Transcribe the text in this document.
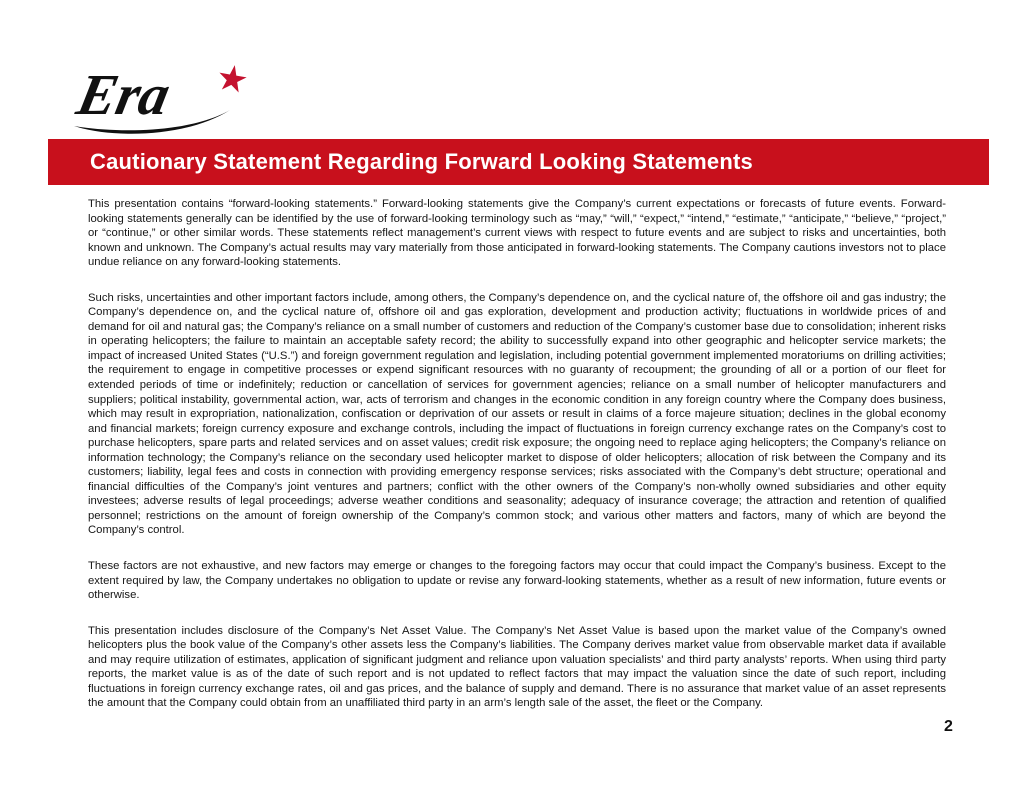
Era ★
Cautionary Statement Regarding Forward Looking Statements

This presentation contains “forward-looking statements.” Forward-looking statements give the Company’s current expectations or forecasts of future events. Forward-looking statements generally can be identified by the use of forward-looking terminology such as “may,” “will,” “expect,” “intend,” “estimate,” “anticipate,” “believe,” “project,” or “continue,” or other similar words. These statements reflect management’s current views with respect to future events and are subject to risks and uncertainties, both known and unknown. The Company’s actual results may vary materially from those anticipated in forward-looking statements. The Company cautions investors not to place undue reliance on any forward-looking statements.

Such risks, uncertainties and other important factors include, among others, the Company’s dependence on, and the cyclical nature of, the offshore oil and gas industry; the Company’s dependence on, and the cyclical nature of, offshore oil and gas exploration, development and production activity; fluctuations in worldwide prices of and demand for oil and natural gas; the Company’s reliance on a small number of customers and reduction of the Company’s customer base due to consolidation; inherent risks in operating helicopters; the failure to maintain an acceptable safety record; the ability to successfully expand into other geographic and helicopter service markets; the impact of increased United States (“U.S.”) and foreign government regulation and legislation, including potential government implemented moratoriums on drilling activities; the requirement to engage in competitive processes or expend significant resources with no guaranty of recoupment; the grounding of all or a portion of our fleet for extended periods of time or indefinitely; reduction or cancellation of services for government agencies; reliance on a small number of helicopter manufacturers and suppliers; political instability, governmental action, war, acts of terrorism and changes in the economic condition in any foreign country where the Company does business, which may result in expropriation, nationalization, confiscation or deprivation of our assets or result in claims of a force majeure situation; declines in the global economy and financial markets; foreign currency exposure and exchange controls, including the impact of fluctuations in foreign currency exchange rates on the Company’s cost to purchase helicopters, spare parts and related services and on asset values; credit risk exposure; the ongoing need to replace aging helicopters; the Company’s reliance on information technology; the Company’s reliance on the secondary used helicopter market to dispose of older helicopters; allocation of risk between the Company and its customers; liability, legal fees and costs in connection with providing emergency response services; risks associated with the Company’s debt structure; operational and financial difficulties of the Company’s joint ventures and partners; conflict with the other owners of the Company’s non-wholly owned subsidiaries and other equity investees; adverse results of legal proceedings; adverse weather conditions and seasonality; adequacy of insurance coverage; the attraction and retention of qualified personnel; restrictions on the amount of foreign ownership of the Company’s common stock; and various other matters and factors, many of which are beyond the Company’s control.

These factors are not exhaustive, and new factors may emerge or changes to the foregoing factors may occur that could impact the Company’s business. Except to the extent required by law, the Company undertakes no obligation to update or revise any forward-looking statements, whether as a result of new information, future events or otherwise.

This presentation includes disclosure of the Company’s Net Asset Value. The Company’s Net Asset Value is based upon the market value of the Company’s owned helicopters plus the book value of the Company’s other assets less the Company’s liabilities. The Company derives market value from observable market data if available and may require utilization of estimates, application of significant judgment and reliance upon valuation specialists’ and third party analysts’ reports. When using third party reports, the market value is as of the date of such report and is not updated to reflect factors that may impact the valuation since the date of such report, including fluctuations in foreign currency exchange rates, oil and gas prices, and the balance of supply and demand. There is no assurance that market value of an asset represents the amount that the Company could obtain from an unaffiliated third party in an arm’s length sale of the asset, the fleet or the Company.

2
